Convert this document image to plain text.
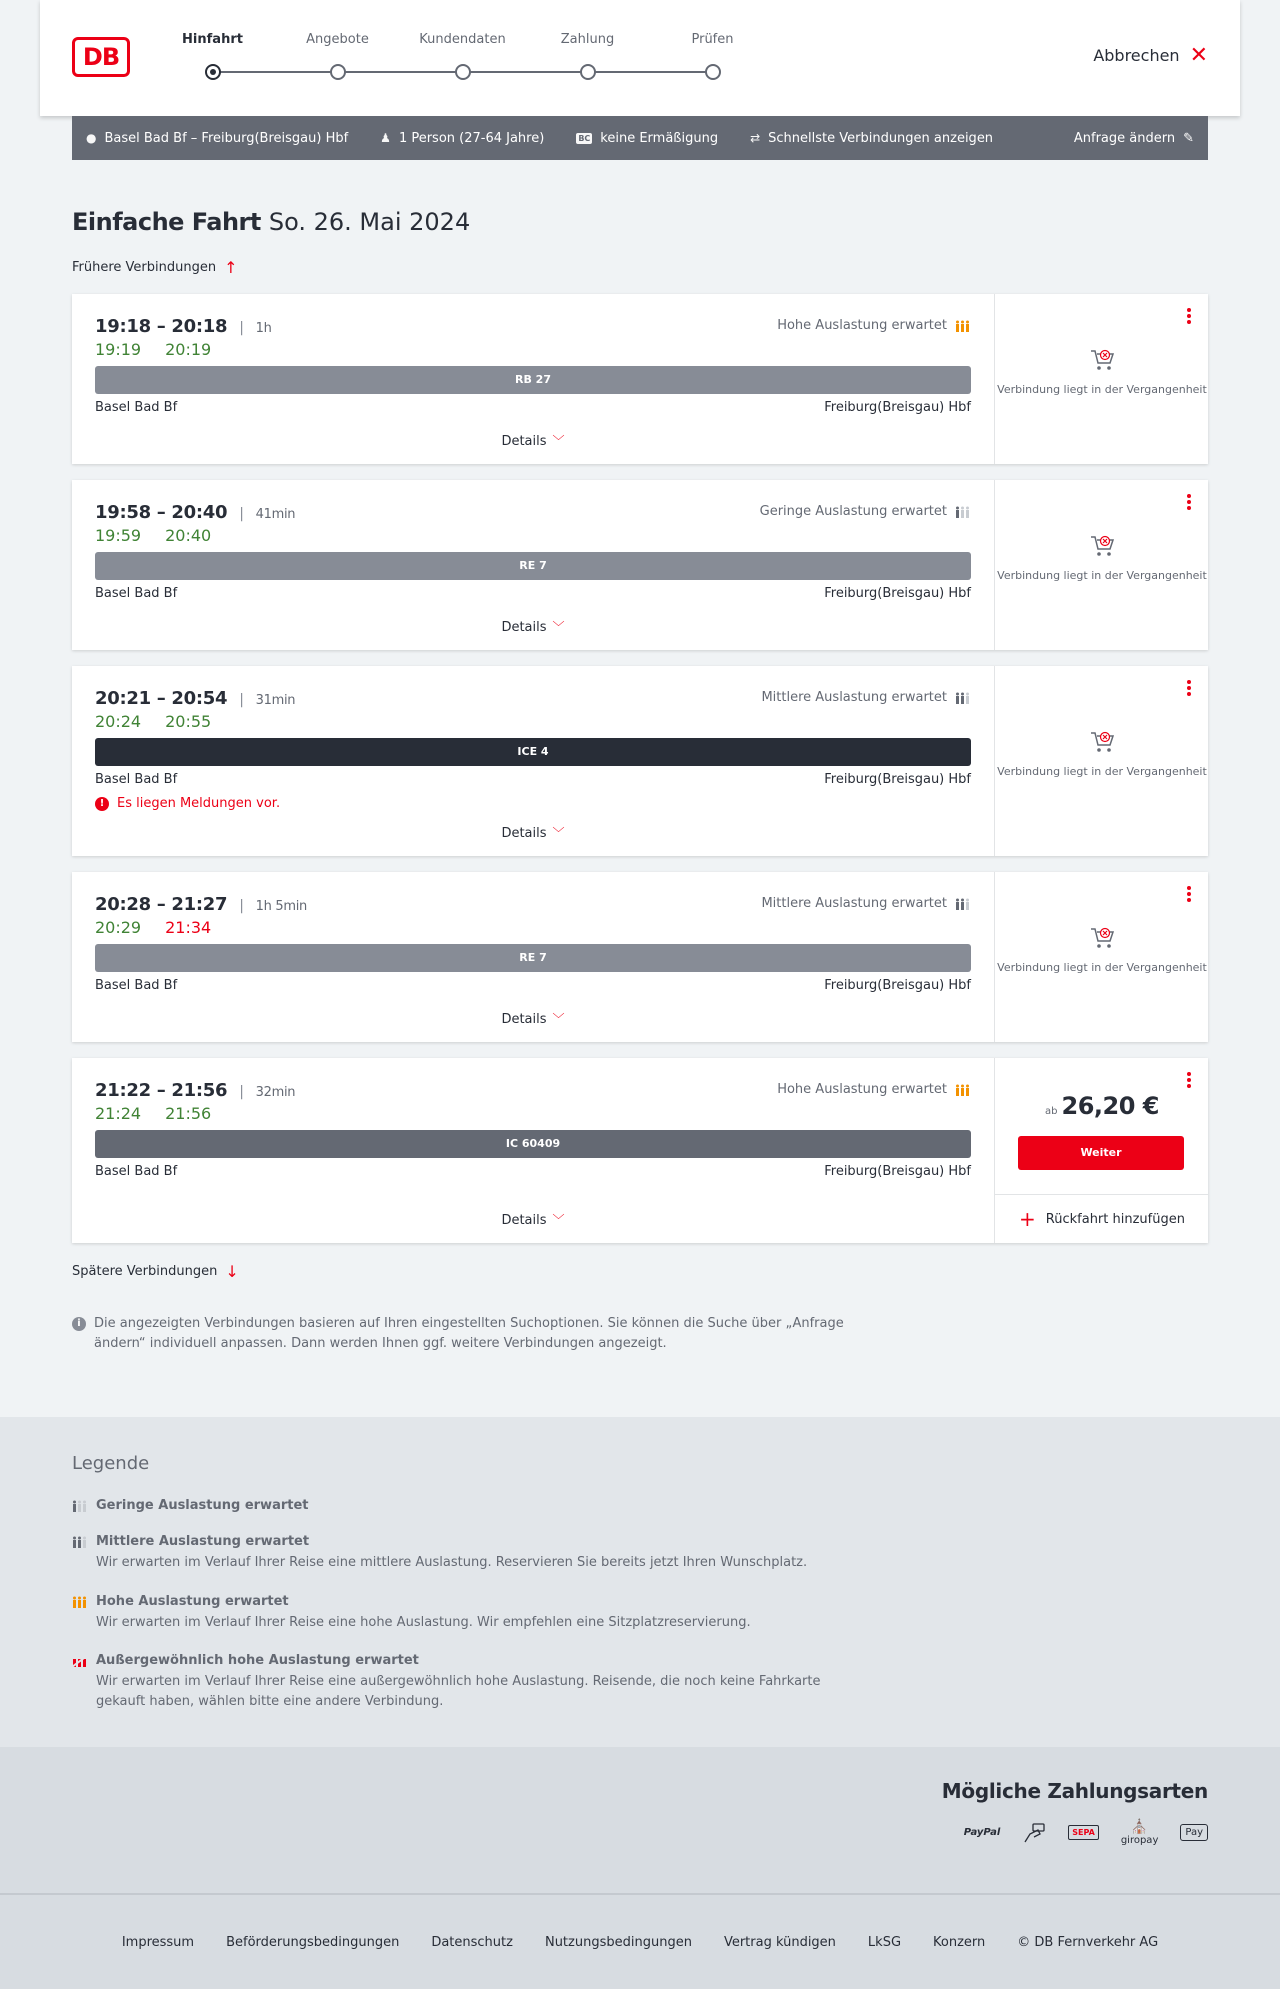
DB
Hinfahrt	Angebote	Kundendaten	Zahlung	Prüfen
Abbrechen ✕
● Basel Bad Bf – Freiburg(Breisgau) Hbf	♟ 1 Person (27-64 Jahre)	BC keine Ermäßigung	⇄ Schnellste Verbindungen anzeigen	Anfrage ändern ✎
Einfache Fahrt So. 26. Mai 2024
Frühere Verbindungen ↑
19:18 – 20:18 | 1h
19:19 20:19
Hohe Auslastung erwartet
RB 27
Basel Bad Bf	Freiburg(Breisgau) Hbf
Details ﹀
Verbindung liegt in der Vergangenheit
19:58 – 20:40 | 41min
19:59 20:40
Geringe Auslastung erwartet
RE 7
Basel Bad Bf	Freiburg(Breisgau) Hbf
Details ﹀
Verbindung liegt in der Vergangenheit
20:21 – 20:54 | 31min
20:24 20:55
Mittlere Auslastung erwartet
ICE 4
Basel Bad Bf	Freiburg(Breisgau) Hbf
! Es liegen Meldungen vor.
Details ﹀
Verbindung liegt in der Vergangenheit
20:28 – 21:27 | 1h 5min
20:29 21:34
Mittlere Auslastung erwartet
RE 7
Basel Bad Bf	Freiburg(Breisgau) Hbf
Details ﹀
Verbindung liegt in der Vergangenheit
21:22 – 21:56 | 32min
21:24 21:56
Hohe Auslastung erwartet
IC 60409
Basel Bad Bf	Freiburg(Breisgau) Hbf
Details ﹀
ab 26,20 €
Weiter
+ Rückfahrt hinzufügen
Spätere Verbindungen ↓
i	Die angezeigten Verbindungen basieren auf Ihren eingestellten Suchoptionen. Sie können die Suche über „Anfrage ändern“ individuell anpassen. Dann werden Ihnen ggf. weitere Verbindungen angezeigt.
Legende
Geringe Auslastung erwartet
Mittlere Auslastung erwartet
Wir erwarten im Verlauf Ihrer Reise eine mittlere Auslastung. Reservieren Sie bereits jetzt Ihren Wunschplatz.
Hohe Auslastung erwartet
Wir erwarten im Verlauf Ihrer Reise eine hohe Auslastung. Wir empfehlen eine Sitzplatzreservierung.
Außergewöhnlich hohe Auslastung erwartet
Wir erwarten im Verlauf Ihrer Reise eine außergewöhnlich hohe Auslastung. Reisende, die noch keine Fahrkarte gekauft haben, wählen bitte eine andere Verbindung.
Mögliche Zahlungsarten
PayPal	SEPA	⛪
giropay
Pay
Impressum Beförderungsbedingungen Datenschutz Nutzungsbedingungen Vertrag kündigen LkSG Konzern © DB Fernverkehr AG
